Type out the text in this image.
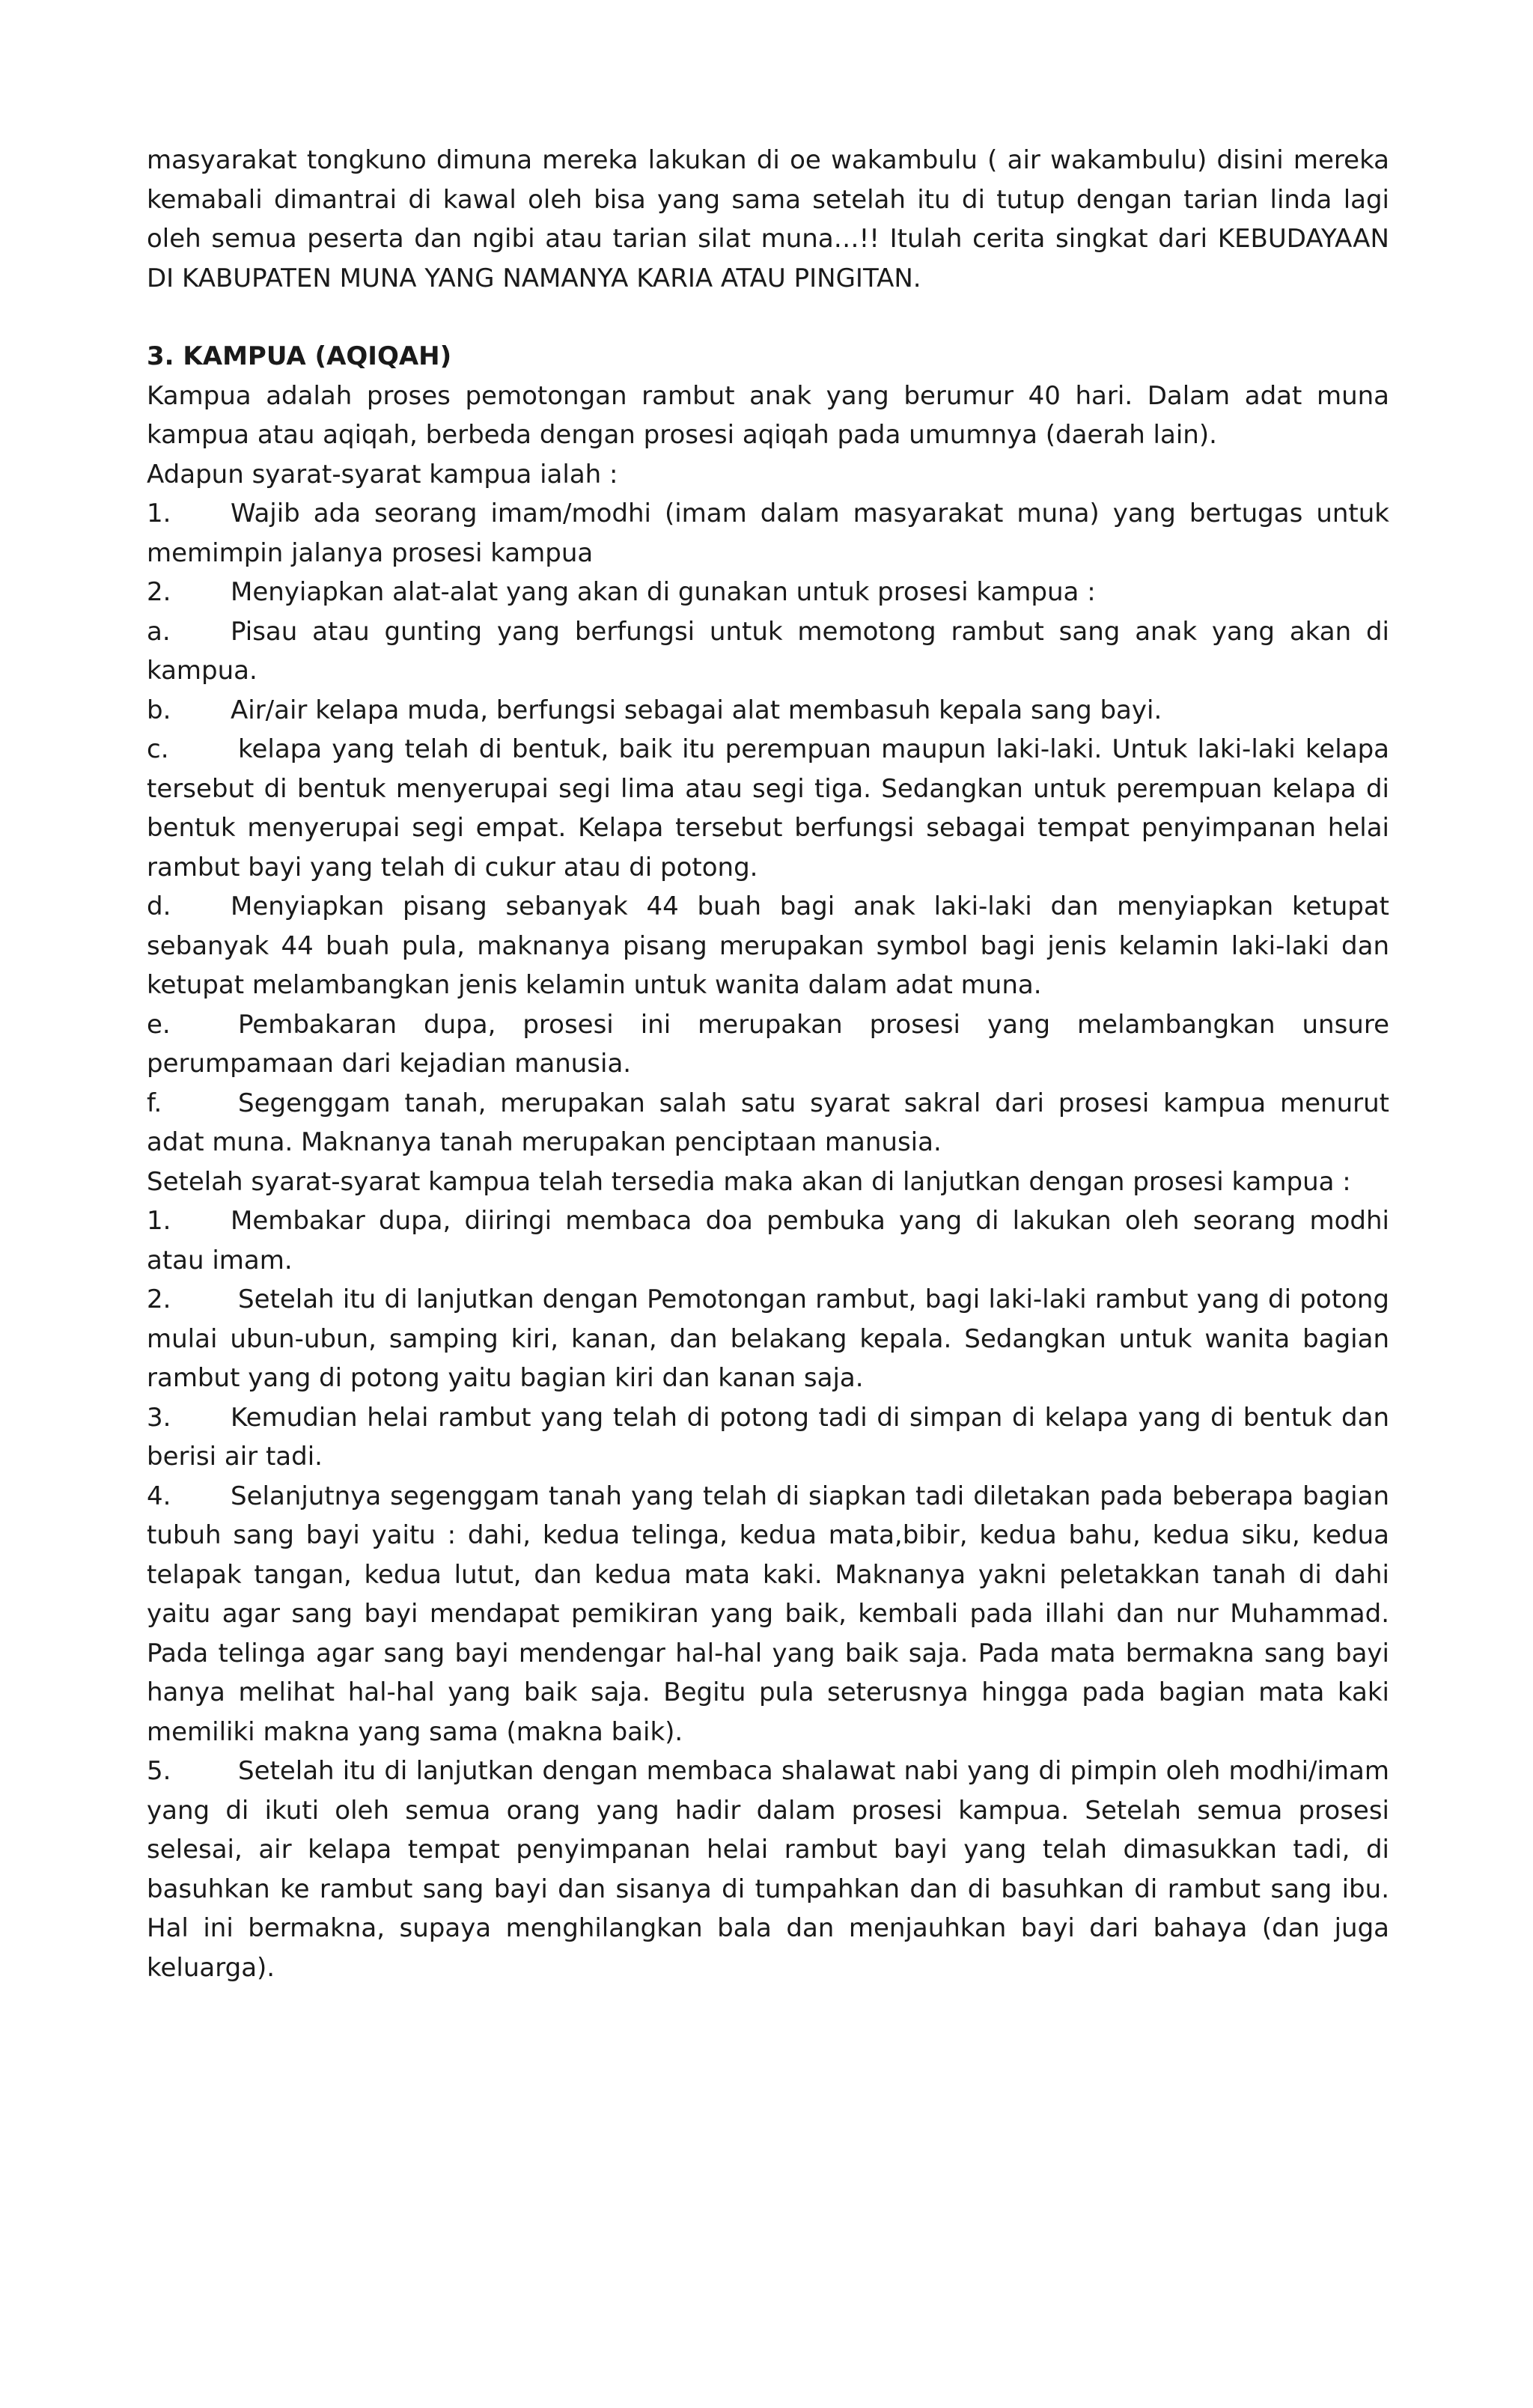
masyarakat tongkuno dimuna mereka lakukan di oe wakambulu ( air wakambulu) disini mereka kemabali dimantrai di kawal oleh bisa yang sama setelah itu di tutup dengan tarian linda lagi oleh semua peserta dan ngibi atau tarian silat muna…!! Itulah cerita singkat dari KEBUDAYAAN DI KABUPATEN MUNA YANG NAMANYA KARIA ATAU PINGITAN.

3. KAMPUA (AQIQAH)

Kampua adalah proses pemotongan rambut anak yang berumur 40 hari. Dalam adat muna kampua atau aqiqah, berbeda dengan prosesi aqiqah pada umumnya (daerah lain).

Adapun syarat-syarat kampua ialah :

1. Wajib ada seorang imam/modhi (imam dalam masyarakat muna) yang bertugas untuk memimpin jalanya prosesi kampua

2. Menyiapkan alat-alat yang akan di gunakan untuk prosesi kampua :

a. Pisau atau gunting yang berfungsi untuk memotong rambut sang anak yang akan di kampua.

b. Air/air kelapa muda, berfungsi sebagai alat membasuh kepala sang bayi.

c.	kelapa yang telah di bentuk, baik itu perempuan maupun laki-laki. Untuk laki-laki kelapa tersebut di bentuk menyerupai segi lima atau segi tiga. Sedangkan untuk perempuan kelapa di bentuk menyerupai segi empat. Kelapa tersebut berfungsi sebagai tempat penyimpanan helai rambut bayi yang telah di cukur atau di potong.

d. Menyiapkan pisang sebanyak 44 buah bagi anak laki-laki dan menyiapkan ketupat sebanyak 44 buah pula, maknanya pisang merupakan symbol bagi jenis kelamin laki-laki dan ketupat melambangkan jenis kelamin untuk wanita dalam adat muna.

e.	Pembakaran dupa, prosesi ini merupakan prosesi yang melambangkan unsure perumpamaan dari kejadian manusia.

f.	Segenggam tanah, merupakan salah satu syarat sakral dari prosesi kampua menurut adat muna. Maknanya tanah merupakan penciptaan manusia.

Setelah syarat-syarat kampua telah tersedia maka akan di lanjutkan dengan prosesi kampua :

1. Membakar dupa, diiringi membaca doa pembuka yang di lakukan oleh seorang modhi atau imam.

2.	Setelah itu di lanjutkan dengan Pemotongan rambut, bagi laki-laki rambut yang di potong mulai ubun-ubun, samping kiri, kanan, dan belakang kepala. Sedangkan untuk wanita bagian rambut yang di potong yaitu bagian kiri dan kanan saja.

3. Kemudian helai rambut yang telah di potong tadi di simpan di kelapa yang di bentuk dan berisi air tadi.

4. Selanjutnya segenggam tanah yang telah di siapkan tadi diletakan pada beberapa bagian tubuh sang bayi yaitu : dahi, kedua telinga, kedua mata,bibir, kedua bahu, kedua siku, kedua telapak tangan, kedua lutut, dan kedua mata kaki. Maknanya yakni peletakkan tanah di dahi yaitu agar sang bayi mendapat pemikiran yang baik, kembali pada illahi dan nur Muhammad. Pada telinga agar sang bayi mendengar hal-hal yang baik saja. Pada mata bermakna sang bayi hanya melihat hal-hal yang baik saja. Begitu pula seterusnya hingga pada bagian mata kaki memiliki makna yang sama (makna baik).

5.	Setelah itu di lanjutkan dengan membaca shalawat nabi yang di pimpin oleh modhi/imam yang di ikuti oleh semua orang yang hadir dalam prosesi kampua. Setelah semua prosesi selesai, air kelapa tempat penyimpanan helai rambut bayi yang telah dimasukkan tadi, di basuhkan ke rambut sang bayi dan sisanya di tumpahkan dan di basuhkan di rambut sang ibu. Hal ini bermakna, supaya menghilangkan bala dan menjauhkan bayi dari bahaya (dan juga keluarga).
